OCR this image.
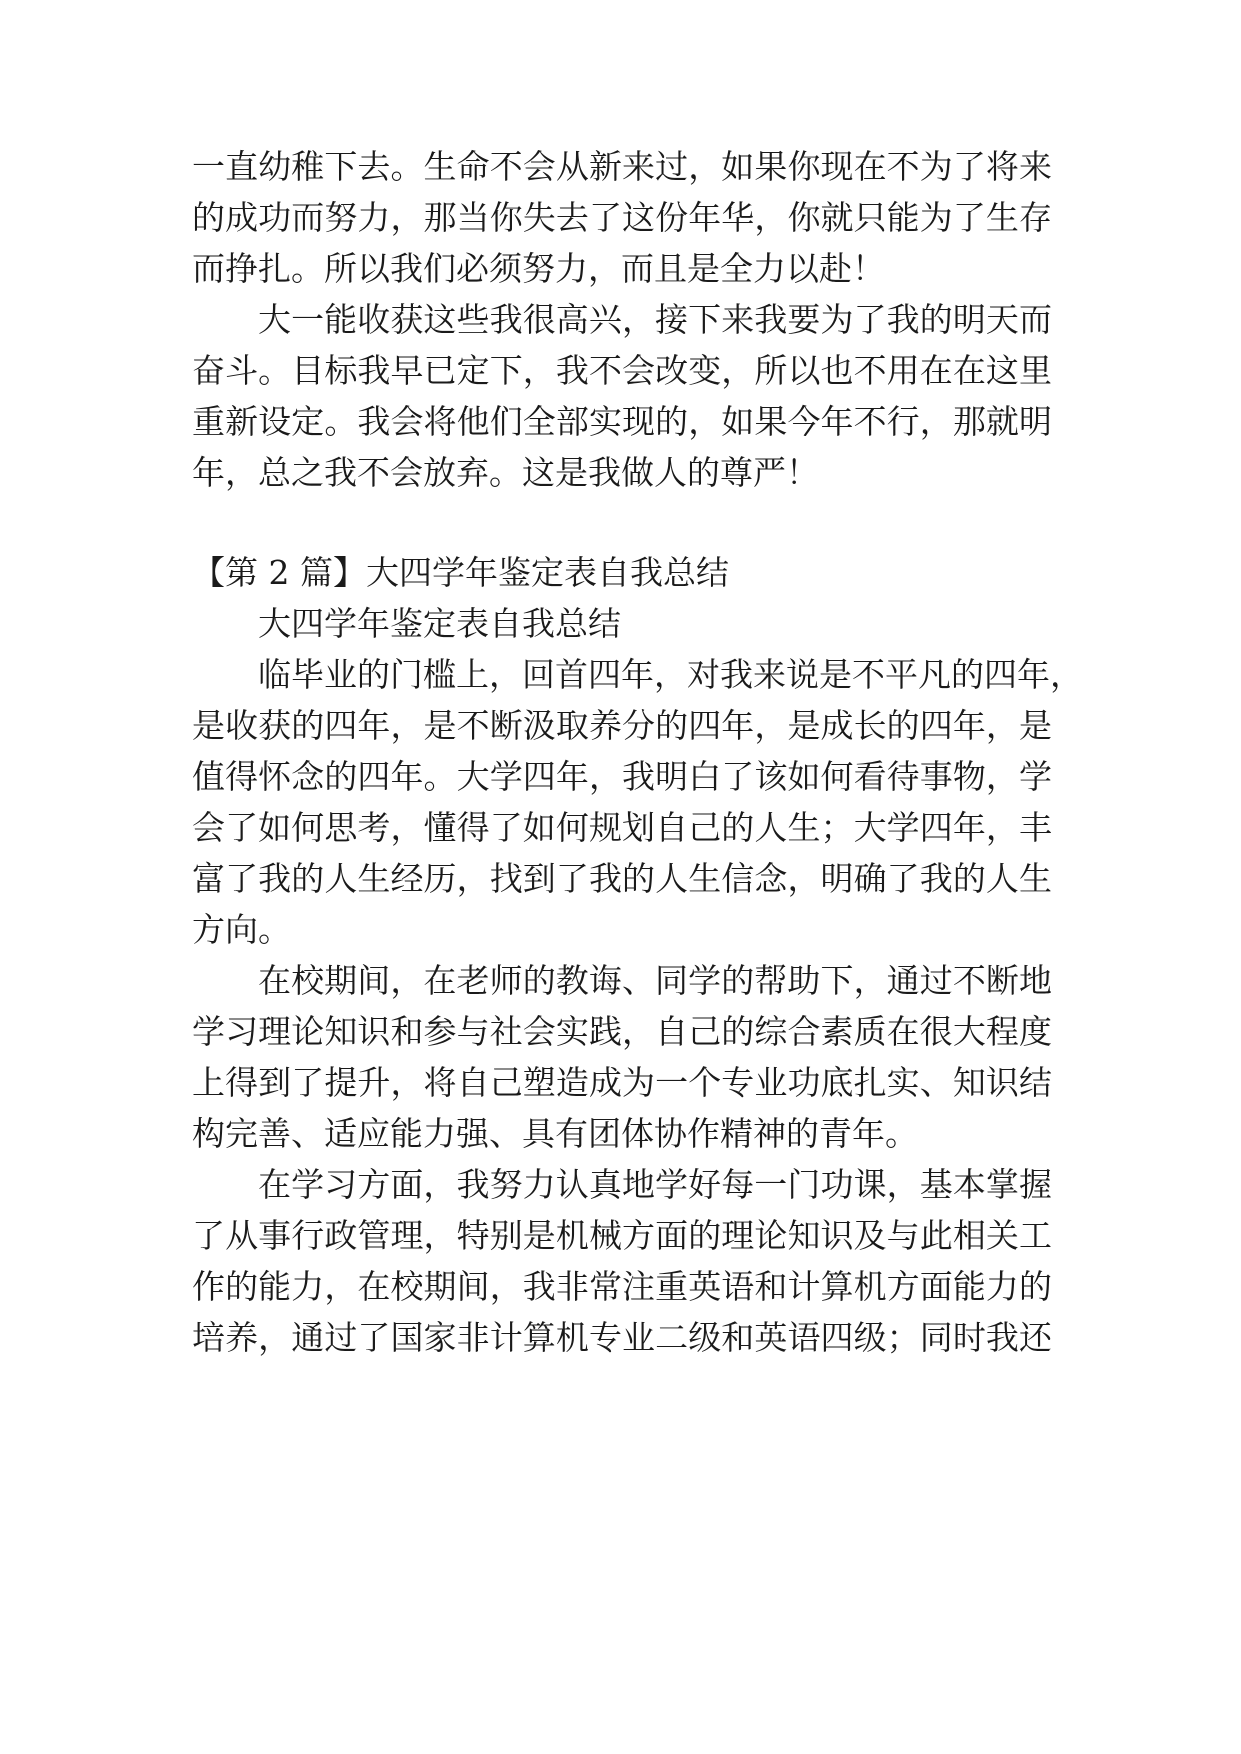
一直幼稚下去。生命不会从新来过，如果你现在不为了将来
的成功而努力，那当你失去了这份年华，你就只能为了生存
而挣扎。所以我们必须努力，而且是全力以赴！
大一能收获这些我很高兴，接下来我要为了我的明天而
奋斗。目标我早已定下，我不会改变，所以也不用在在这里
重新设定。我会将他们全部实现的，如果今年不行，那就明
年，总之我不会放弃。这是我做人的尊严！
【第 2 篇】大四学年鉴定表自我总结
大四学年鉴定表自我总结
临毕业的门槛上，回首四年，对我来说是不平凡的四年，
是收获的四年，是不断汲取养分的四年，是成长的四年，是
值得怀念的四年。大学四年，我明白了该如何看待事物，学
会了如何思考，懂得了如何规划自己的人生；大学四年，丰
富了我的人生经历，找到了我的人生信念，明确了我的人生
方向。
在校期间，在老师的教诲、同学的帮助下，通过不断地
学习理论知识和参与社会实践，自己的综合素质在很大程度
上得到了提升，将自己塑造成为一个专业功底扎实、知识结
构完善、适应能力强、具有团体协作精神的青年。
在学习方面，我努力认真地学好每一门功课，基本掌握
了从事行政管理，特别是机械方面的理论知识及与此相关工
作的能力，在校期间，我非常注重英语和计算机方面能力的
培养，通过了国家非计算机专业二级和英语四级；同时我还
